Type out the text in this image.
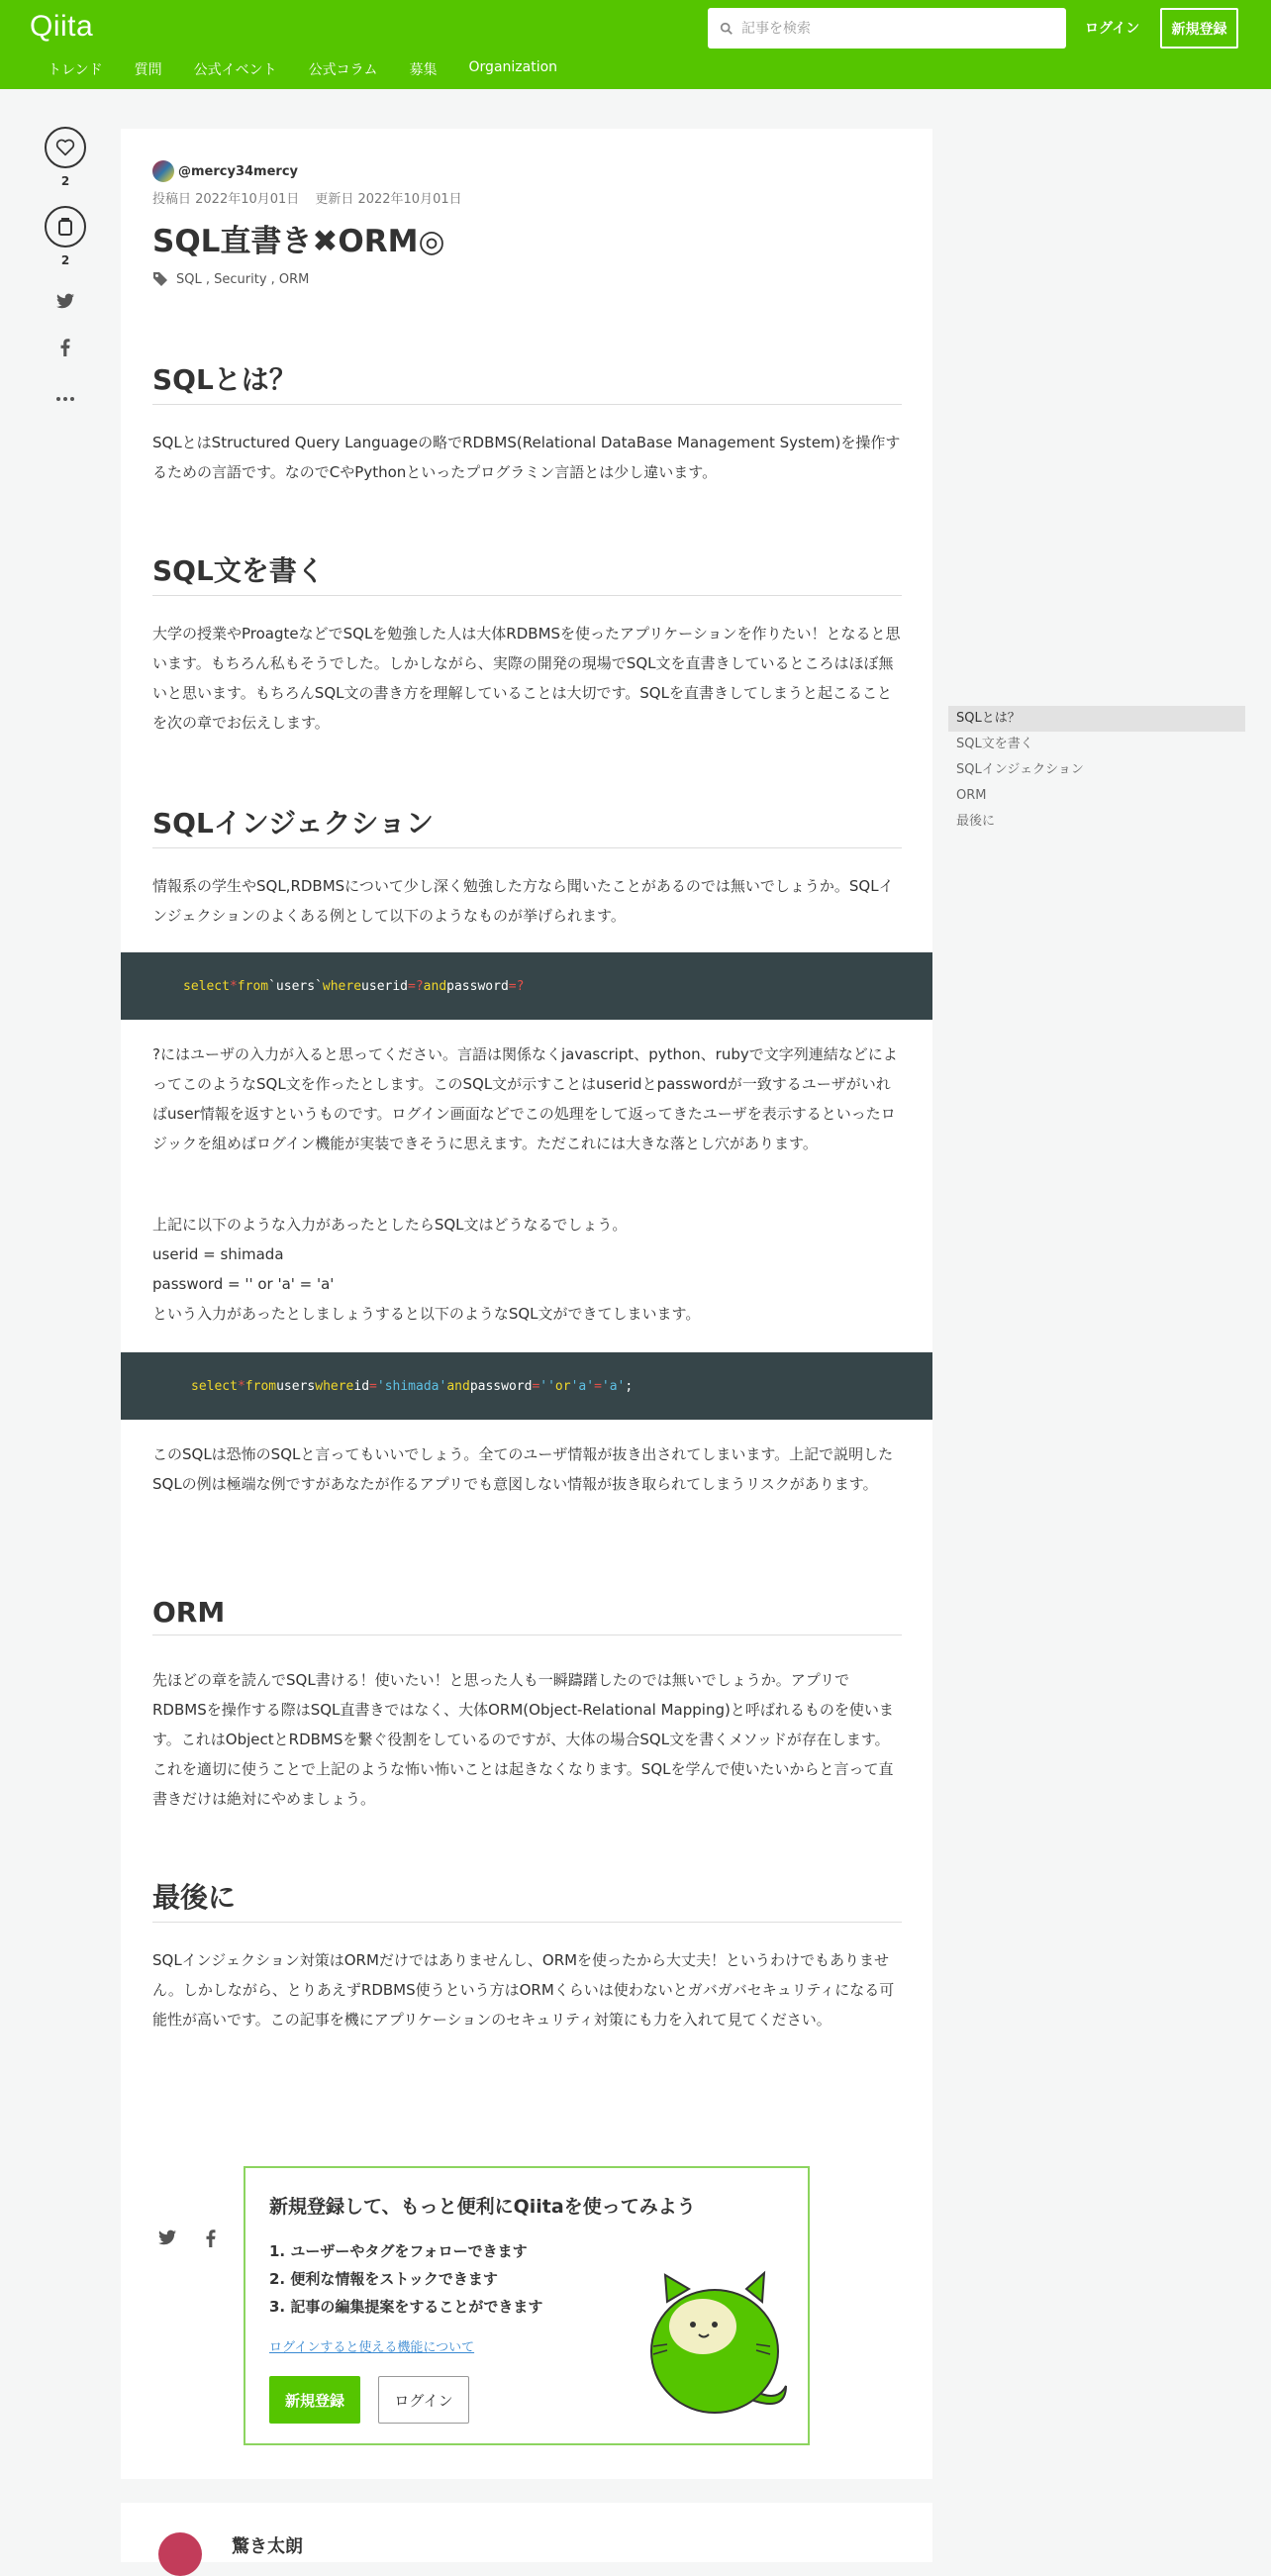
Qiita
記事を検索	ログイン	新規登録
トレンド 質問 公式イベント 公式コラム 募集 Organization
2
2
@mercy34mercy
投稿日 2022年10月01日 更新日 2022年10月01日
SQL直書き✖ORM◎
SQL , Security , ORM
SQLとは？

SQLとはStructured Query Languageの略でRDBMS(Relational DataBase Management System)を操作するための言語です。なのでCやPythonといったプログラミン言語とは少し違います。

SQL文を書く

大学の授業やProagteなどでSQLを勉強した人は大体RDBMSを使ったアプリケーションを作りたい！となると思います。もちろん私もそうでした。しかしながら、実際の開発の現場でSQL文を直書きしているところはほぼ無いと思います。もちろんSQL文の書き方を理解していることは大切です。SQLを直書きしてしまうと起こることを次の章でお伝えします。

SQLインジェクション

情報系の学生やSQL,RDBMSについて少し深く勉強した方なら聞いたことがあるのでは無いでしょうか。SQLインジェクションのよくある例として以下のようなものが挙げられます。

select * from `users` where userid = ? and password = ?

?にはユーザの入力が入ると思ってください。言語は関係なくjavascript、python、rubyで文字列連結などによってこのようなSQL文を作ったとします。このSQL文が示すことはuseridとpasswordが一致するユーザがいればuser情報を返すというものです。ログイン画面などでこの処理をして返ってきたユーザを表示するといったロジックを組めばログイン機能が実装できそうに思えます。ただこれには大きな落とし穴があります。

上記に以下のような入力があったとしたらSQL文はどうなるでしょう。
userid = shimada
password = '' or 'a' = 'a'
という入力があったとしましょうすると以下のようなSQL文ができてしまいます。
select * from users where id = 'shimada' and password = '' or 'a' = 'a' ;

このSQLは恐怖のSQLと言ってもいいでしょう。全てのユーザ情報が抜き出されてしまいます。上記で説明したSQLの例は極端な例ですがあなたが作るアプリでも意図しない情報が抜き取られてしまうリスクがあります。

ORM

先ほどの章を読んでSQL書ける！使いたい！と思った人も一瞬躊躇したのでは無いでしょうか。アプリでRDBMSを操作する際はSQL直書きではなく、大体ORM(Object-Relational Mapping)と呼ばれるものを使います。これはObjectとRDBMSを繋ぐ役割をしているのですが、大体の場合SQL文を書くメソッドが存在します。これを適切に使うことで上記のような怖い怖いことは起きなくなります。SQLを学んで使いたいからと言って直書きだけは絶対にやめましょう。

最後に

SQLインジェクション対策はORMだけではありませんし、ORMを使ったから大丈夫！というわけでもありません。しかしながら、とりあえずRDBMS使うという方はORMくらいは使わないとガバガバセキュリティになる可能性が高いです。この記事を機にアプリケーションのセキュリティ対策にも力を入れて見てください。

新規登録して、もっと便利にQiitaを使ってみよう
1. ユーザーやタグをフォローできます
2. 便利な情報をストックできます
3. 記事の編集提案をすることができます
ログインすると使える機能について
新規登録	ログイン
驚き太朗
SQLとは？
SQL文を書く
SQLインジェクション
ORM
最後に
